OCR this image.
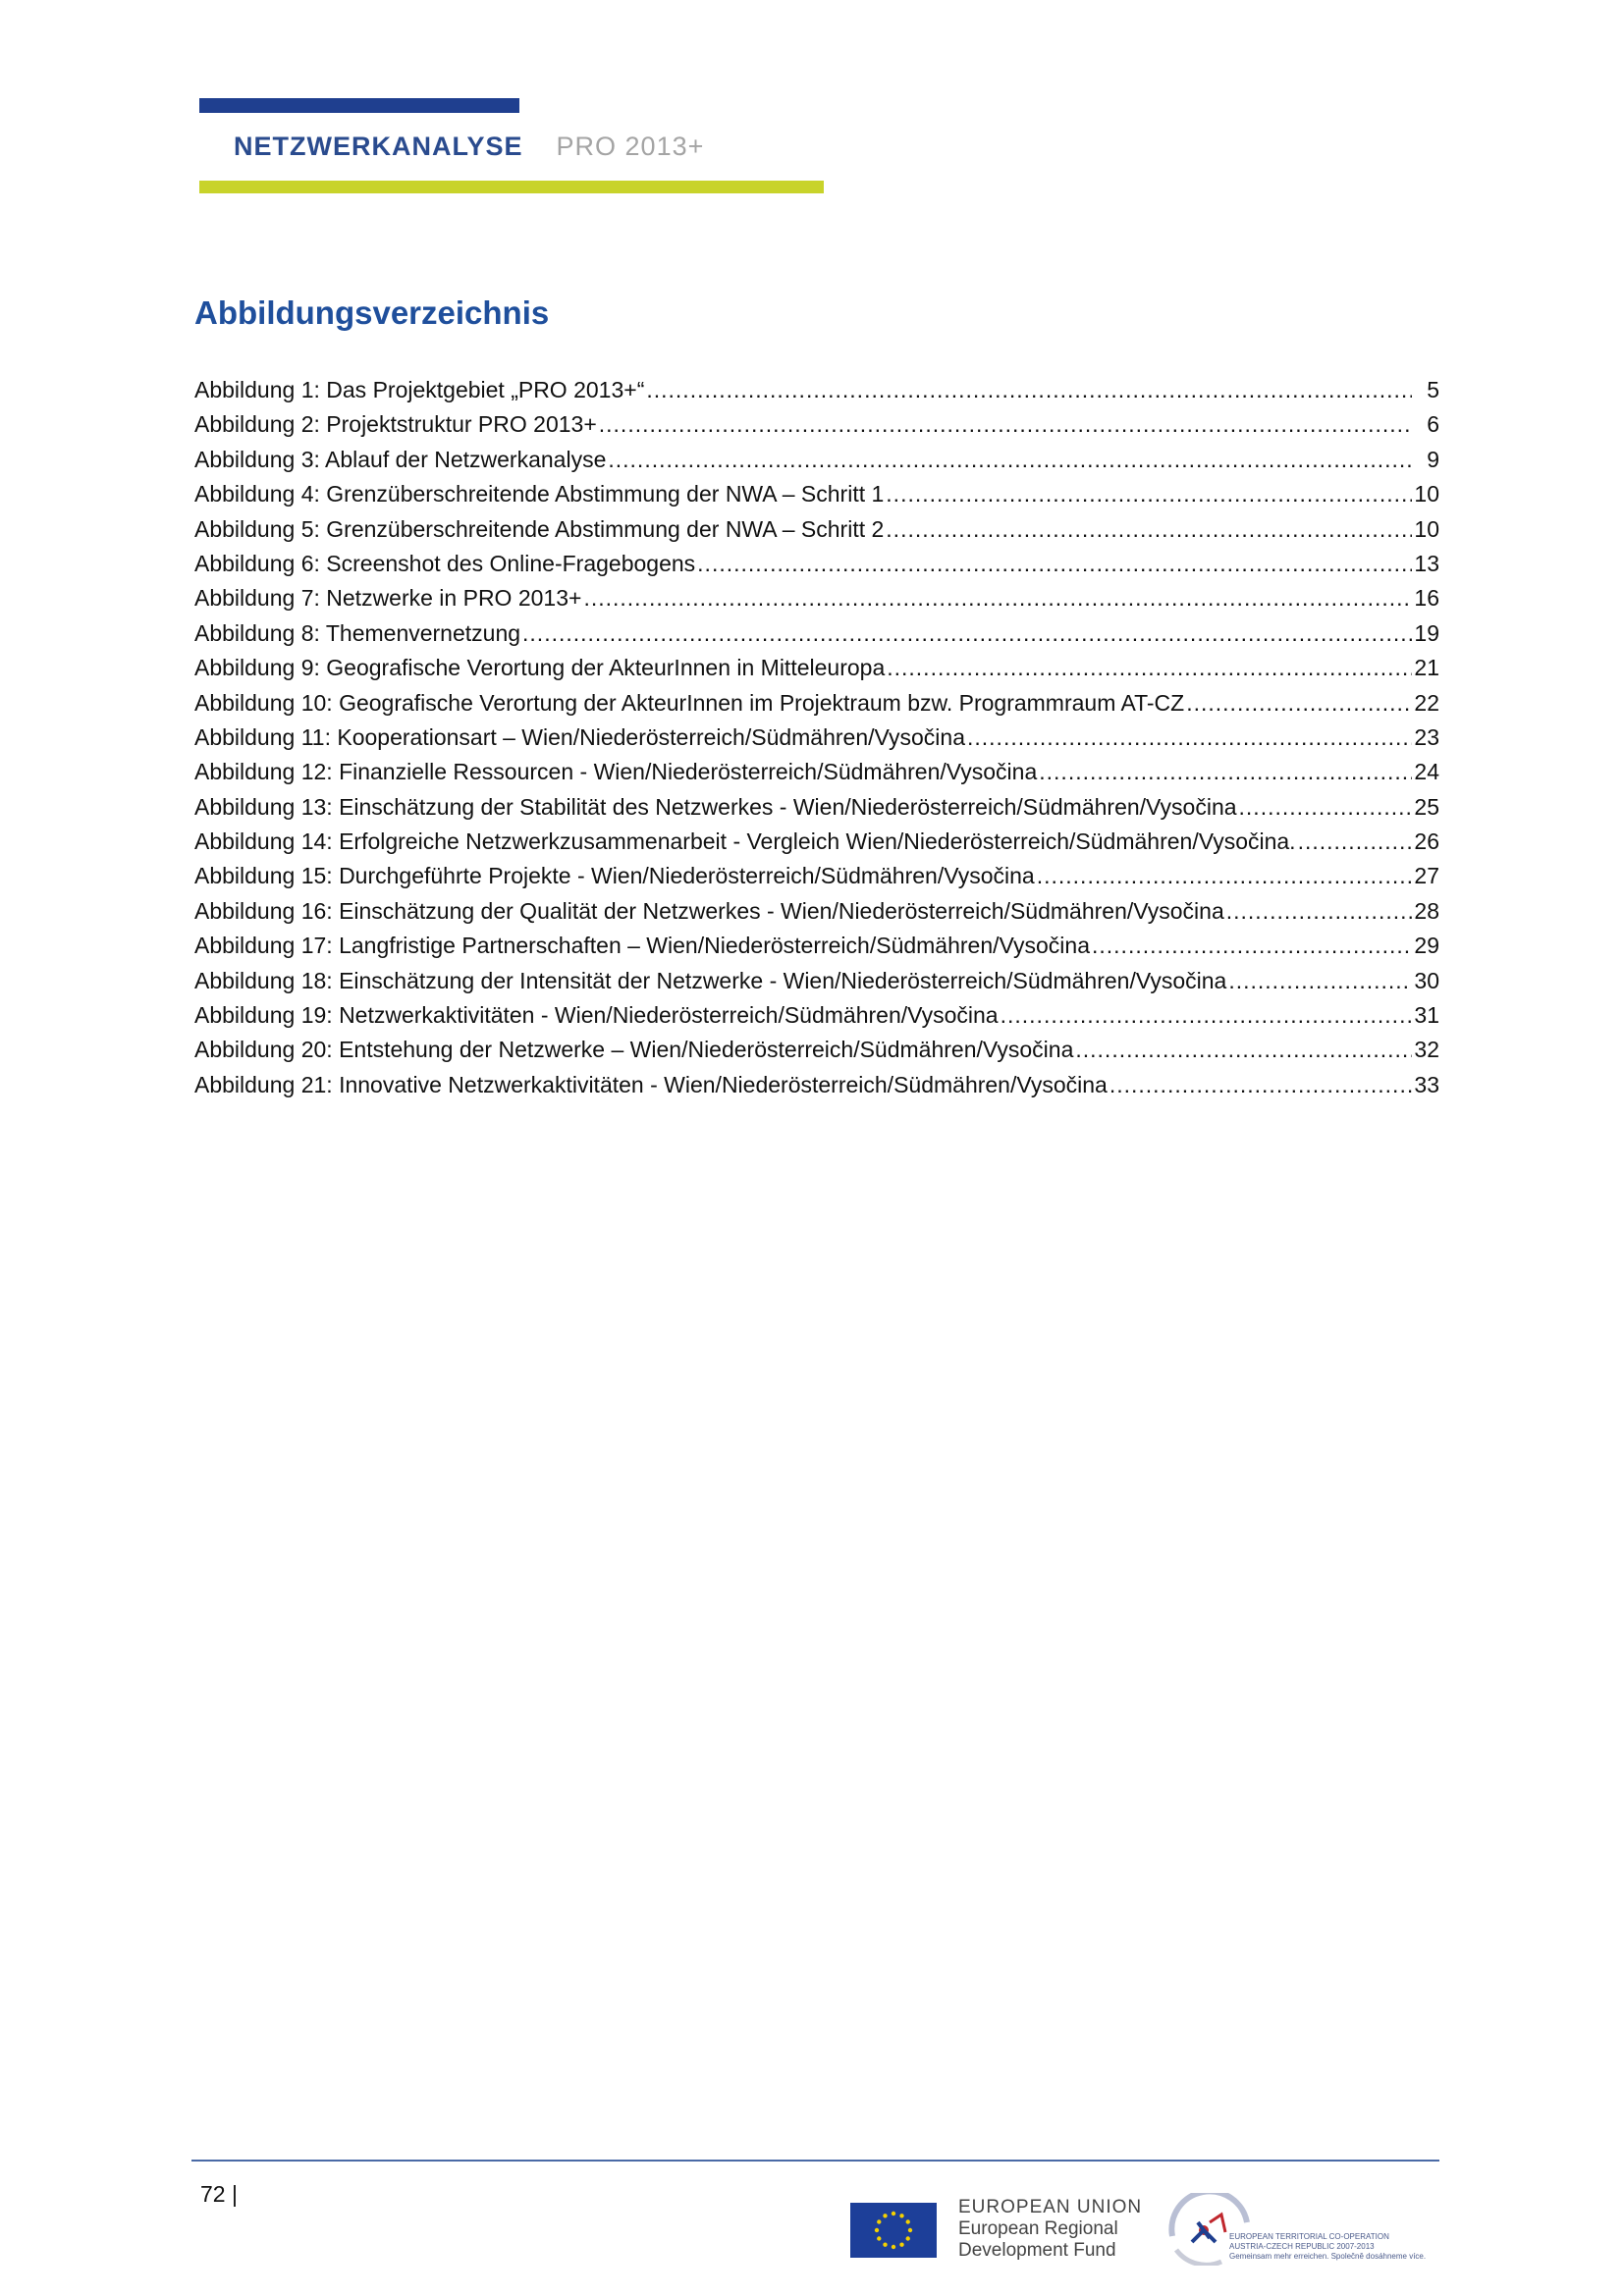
NETZWERKANALYSE PRO 2013+
Abbildungsverzeichnis
Abbildung 1: Das Projektgebiet „PRO 2013+“ .....	5
Abbildung 2: Projektstruktur PRO 2013+ .....	6
Abbildung 3: Ablauf der Netzwerkanalyse .....	9
Abbildung 4: Grenzüberschreitende Abstimmung der NWA – Schritt 1 .....	10
Abbildung 5: Grenzüberschreitende Abstimmung der NWA – Schritt 2 .....	10
Abbildung 6: Screenshot des Online-Fragebogens .....	13
Abbildung 7: Netzwerke in PRO 2013+ .....	16
Abbildung 8: Themenvernetzung .....	19
Abbildung 9: Geografische Verortung der AkteurInnen in Mitteleuropa .....	21
Abbildung 10: Geografische Verortung der AkteurInnen im Projektraum bzw. Programmraum AT-CZ .....	22
Abbildung 11: Kooperationsart – Wien/Niederösterreich/Südmähren/Vysočina .....	23
Abbildung 12: Finanzielle Ressourcen - Wien/Niederösterreich/Südmähren/Vysočina .....	24
Abbildung 13: Einschätzung der Stabilität des Netzwerkes - Wien/Niederösterreich/Südmähren/Vysočina .....	25
Abbildung 14: Erfolgreiche Netzwerkzusammenarbeit - Vergleich Wien/Niederösterreich/Südmähren/Vysočina. .....	26
Abbildung 15: Durchgeführte Projekte - Wien/Niederösterreich/Südmähren/Vysočina .....	27
Abbildung 16: Einschätzung der Qualität der Netzwerkes - Wien/Niederösterreich/Südmähren/Vysočina .....	28
Abbildung 17: Langfristige Partnerschaften – Wien/Niederösterreich/Südmähren/Vysočina .....	29
Abbildung 18: Einschätzung der Intensität der Netzwerke - Wien/Niederösterreich/Südmähren/Vysočina .....	30
Abbildung 19: Netzwerkaktivitäten - Wien/Niederösterreich/Südmähren/Vysočina .....	31
Abbildung 20: Entstehung der Netzwerke – Wien/Niederösterreich/Südmähren/Vysočina .....	32
Abbildung 21: Innovative Netzwerkaktivitäten - Wien/Niederösterreich/Südmähren/Vysočina .....	33
72 |
EUROPEAN UNION
European Regional
Development Fund
EUROPEAN TERRITORIAL CO-OPERATION
AUSTRIA-CZECH REPUBLIC 2007-2013
Gemeinsam mehr erreichen. Společně dosáhneme více.
